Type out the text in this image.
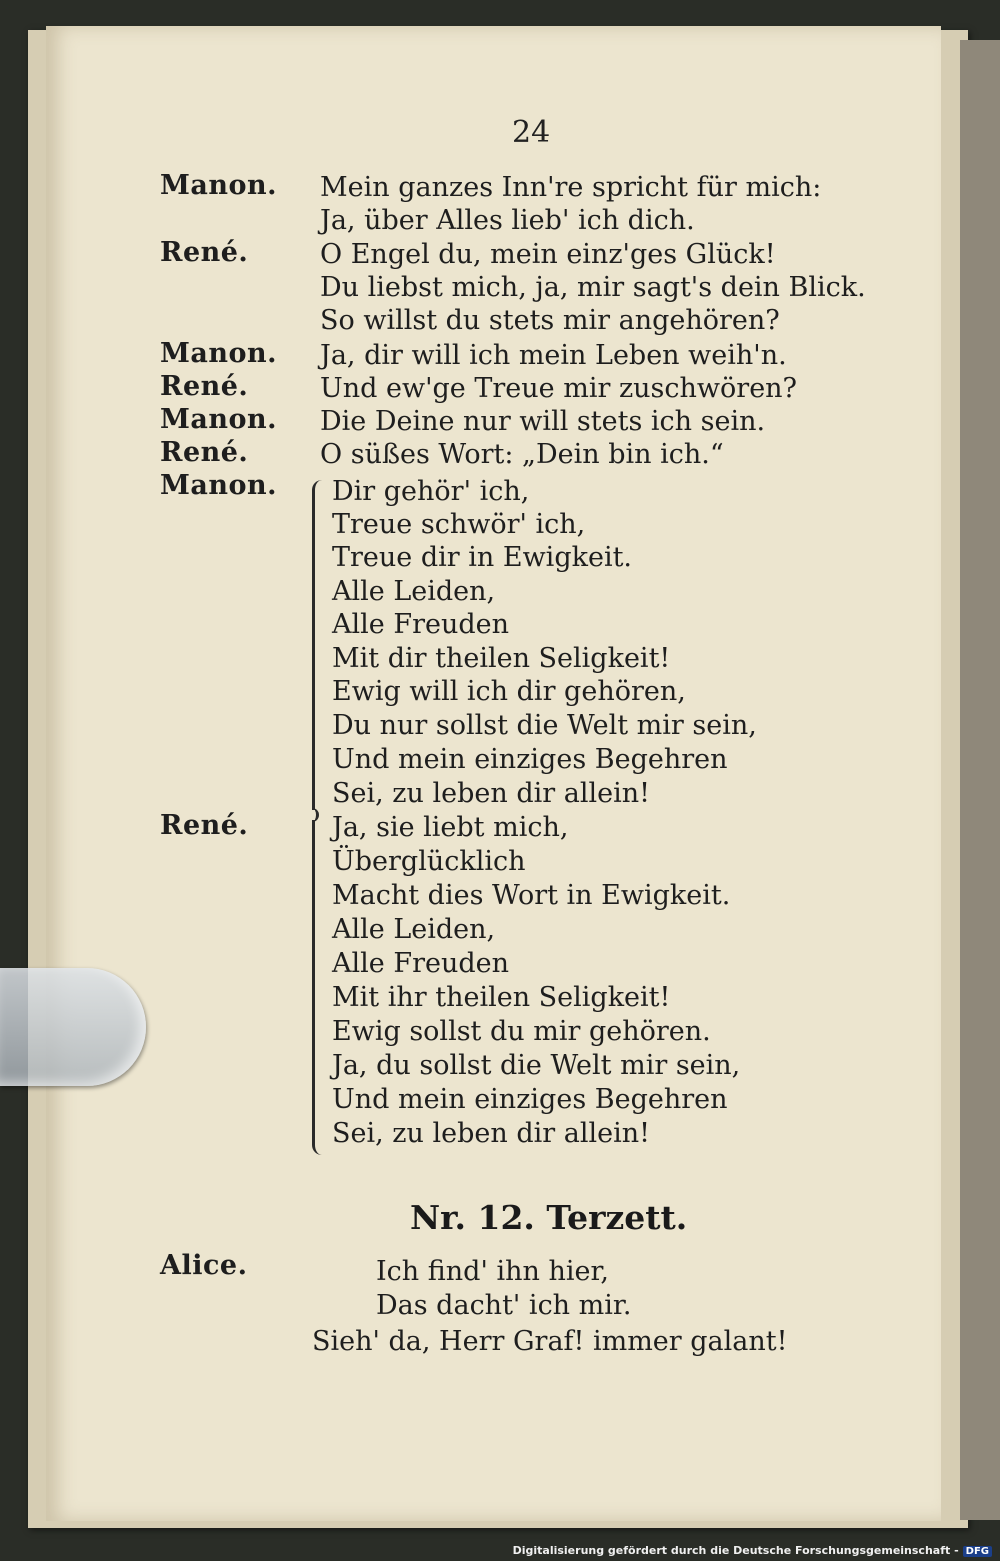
24
Manon.
René.
Manon.
René.
Manon.
René.
Manon.
René.
Alice.
Mein ganzes Inn're spricht für mich:
Ja, über Alles lieb' ich dich.
O Engel du, mein einz'ges Glück!
Du liebst mich, ja, mir sagt's dein Blick.
So willst du stets mir angehören?
Ja, dir will ich mein Leben weih'n.
Und ew'ge Treue mir zuschwören?
Die Deine nur will stets ich sein.
O süßes Wort: „Dein bin ich.“
Dir gehör' ich,
Treue schwör' ich,
Treue dir in Ewigkeit.
Alle Leiden,
Alle Freuden
Mit dir theilen Seligkeit!
Ewig will ich dir gehören,
Du nur sollst die Welt mir sein,
Und mein einziges Begehren
Sei, zu leben dir allein!
Ja, sie liebt mich,
Überglücklich
Macht dies Wort in Ewigkeit.
Alle Leiden,
Alle Freuden
Mit ihr theilen Seligkeit!
Ewig sollst du mir gehören.
Ja, du sollst die Welt mir sein,
Und mein einziges Begehren
Sei, zu leben dir allein!
Nr. 12. Terzett.
Ich find' ihn hier,
Das dacht' ich mir.
Sieh' da, Herr Graf! immer galant!
Digitalisierung gefördert durch die Deutsche Forschungsgemeinschaft - DFG
